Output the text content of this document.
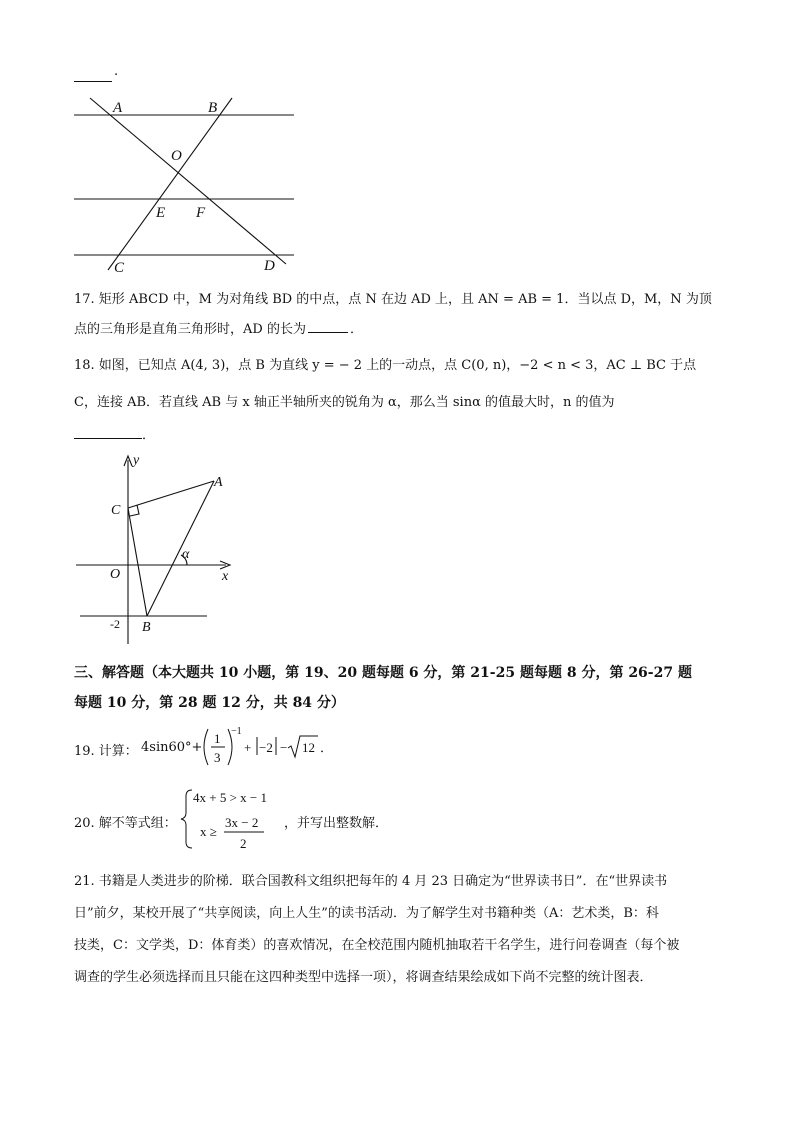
.
A	B
O
E F
C	D
17. 矩形 ABCD 中，M 为对角线 BD 的中点，点 N 在边 AD 上，且 AN = AB = 1．当以点 D，M，N 为顶
点的三角形是直角三角形时，AD 的长为	．
18. 如图，已知点 A(4, 3)，点 B 为直线 y = − 2 上的一动点，点 C(0, n)，−2 < n < 3，AC ⊥ BC 于点
C，连接 AB．若直线 AB 与 x 轴正半轴所夹的锐角为 α，那么当 sinα 的值最大时，n 的值为
．
y
x
A
C
O
B
α
-2
三、解答题（本大题共 10 小题，第 19、20 题每题 6 分，第 21-25 题每题 8 分，第 26-27 题
每题 10 分，第 28 题 12 分，共 84 分）
19. 计算： 4sin60°+
1
3
−1
+ −2 − 12 ．
20. 解不等式组：
4x + 5 > x − 1
x ≥
3x − 2
2
，并写出整数解．
21. 书籍是人类进步的阶梯．联合国教科文组织把每年的 4 月 23 日确定为“世界读书日”．在“世界读书
日”前夕，某校开展了“共享阅读，向上人生”的读书活动．为了解学生对书籍种类（A：艺术类，B：科
技类，C：文学类，D：体育类）的喜欢情况，在全校范围内随机抽取若干名学生，进行问卷调查（每个被
调查的学生必须选择而且只能在这四种类型中选择一项），将调查结果绘成如下尚不完整的统计图表．
